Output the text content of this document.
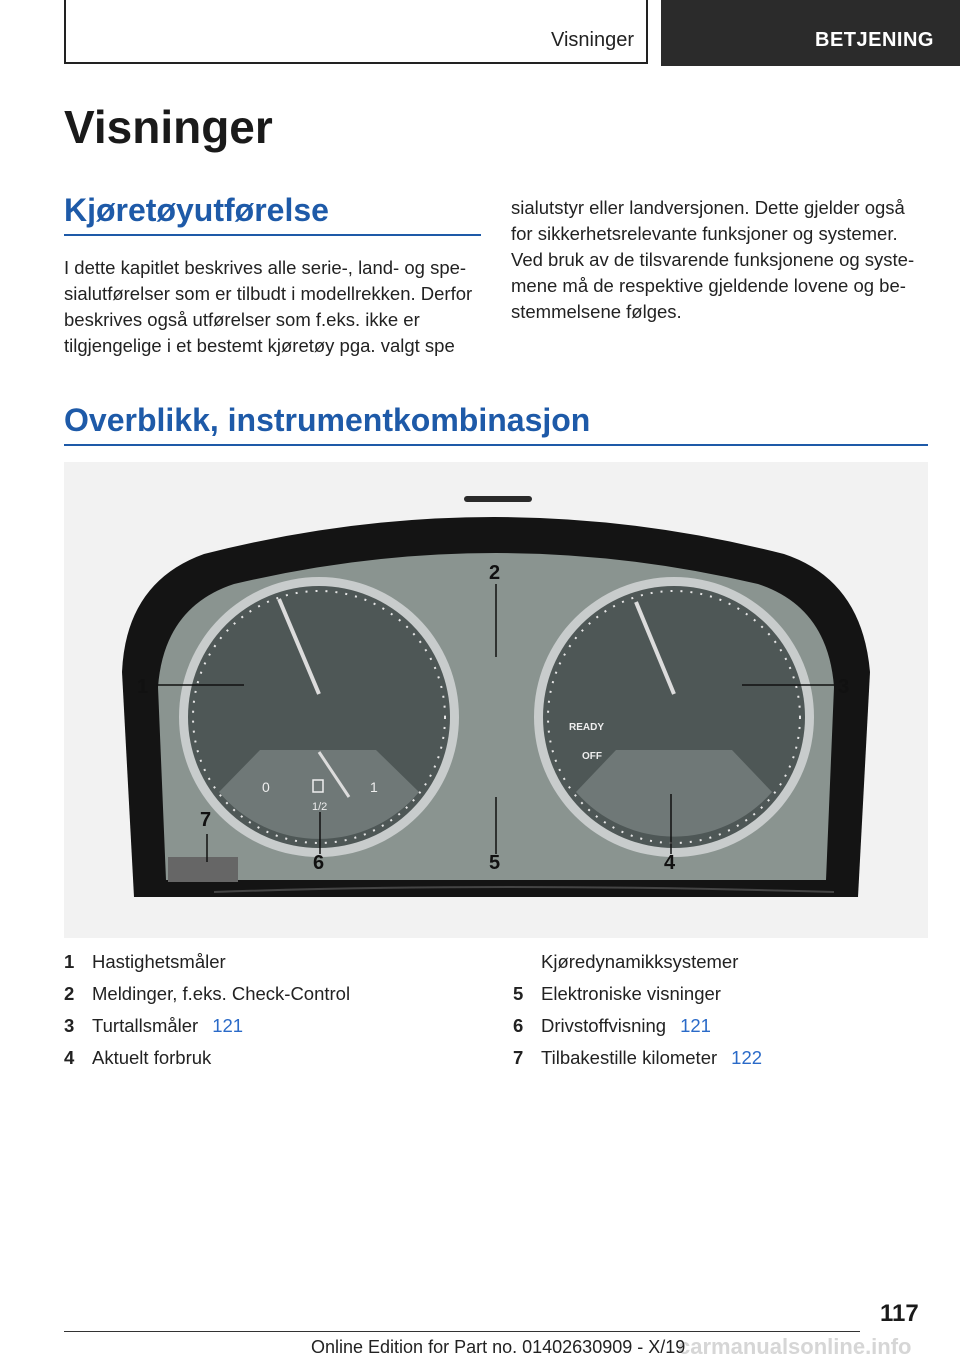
Visninger	BETJENING
Visninger
Kjøretøyutførelse

I dette kapitlet beskrives alle serie-, land- og spesialutførelser som er tilbudt i modellrekken. Derfor beskrives også utførelser som f.eks. ikke er tilgjengelige i et bestemt kjøretøy pga. valgt spe

sialutstyr eller landversjonen. Dette gjelder også for sikkerhetsrelevante funksjoner og systemer. Ved bruk av de tilsvarende funksjonene og systemene må de respektive gjeldende lovene og bestemmelsene følges.

Overblikk, instrumentkombinasjon
0	1
1/2
READY
OFF
1
2
3
4
5
6
7
1 Hastighetsmåler
2 Meldinger, f.eks. Check-Control
3 Turtallsmåler 121
4 Aktuelt forbruk
Kjøredynamikksystemer
5 Elektroniske visninger
6 Drivstoffvisning 121
7 Tilbakestille kilometer 122
117
carmanualsonline.info
Online Edition for Part no. 01402630909 - X/19
